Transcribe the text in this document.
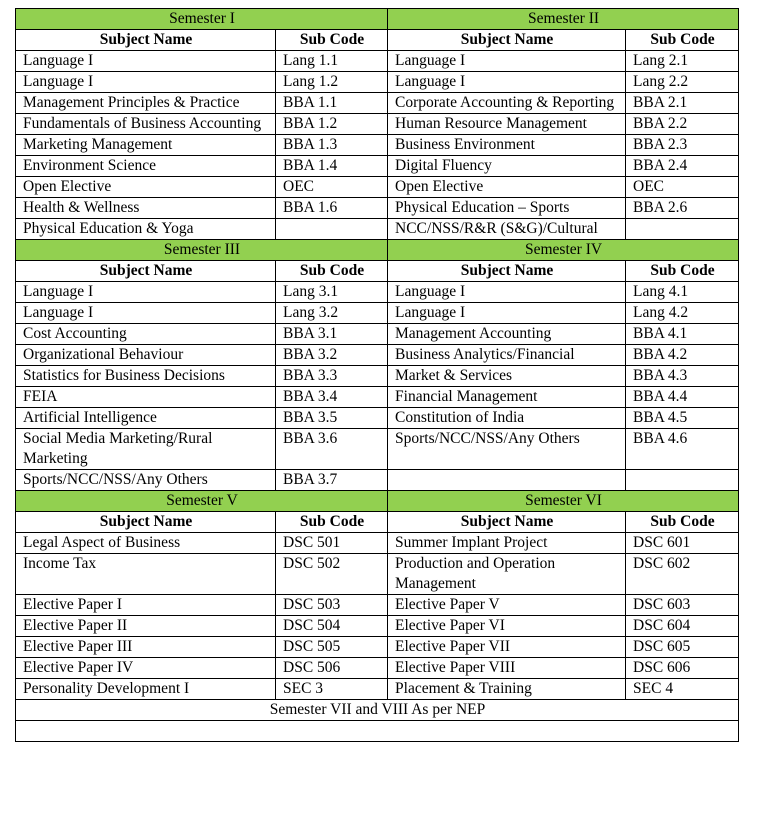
Semester I		Semester II	
Subject Name	Sub Code	Subject Name	Sub Code
Language I	Lang 1.1	Language I	Lang 2.1
Language I	Lang 1.2	Language I	Lang 2.2
Management Principles & Practice	BBA 1.1	Corporate Accounting & Reporting	BBA 2.1
Fundamentals of Business Accounting	BBA 1.2	Human Resource Management	BBA 2.2
Marketing Management	BBA 1.3	Business Environment	BBA 2.3
Environment Science	BBA 1.4	Digital Fluency	BBA 2.4
Open Elective	OEC	Open Elective	OEC
Health & Wellness	BBA 1.6	Physical Education – Sports	BBA 2.6
Physical Education & Yoga		NCC/NSS/R&R (S&G)/Cultural	
Semester III		Semester IV	
Subject Name	Sub Code	Subject Name	Sub Code
Language I	Lang 3.1	Language I	Lang 4.1
Language I	Lang 3.2	Language I	Lang 4.2
Cost Accounting	BBA 3.1	Management Accounting	BBA 4.1
Organizational Behaviour	BBA 3.2	Business Analytics/Financial	BBA 4.2
Statistics for Business Decisions	BBA 3.3	Market & Services	BBA 4.3
FEIA	BBA 3.4	Financial Management	BBA 4.4
Artificial Intelligence	BBA 3.5	Constitution of India	BBA 4.5
Social Media Marketing/Rural Marketing	BBA 3.6	Sports/NCC/NSS/Any Others	BBA 4.6
Sports/NCC/NSS/Any Others	BBA 3.7		
Semester V		Semester VI	
Subject Name	Sub Code	Subject Name	Sub Code
Legal Aspect of Business	DSC 501	Summer Implant Project	DSC 601
Income Tax	DSC 502	Production and Operation Management	DSC 602
Elective Paper I	DSC 503	Elective Paper V	DSC 603
Elective Paper II	DSC 504	Elective Paper VI	DSC 604
Elective Paper III	DSC 505	Elective Paper VII	DSC 605
Elective Paper IV	DSC 506	Elective Paper VIII	DSC 606
Personality Development I	SEC 3	Placement & Training	SEC 4
Semester VII and VIII As per NEP			
